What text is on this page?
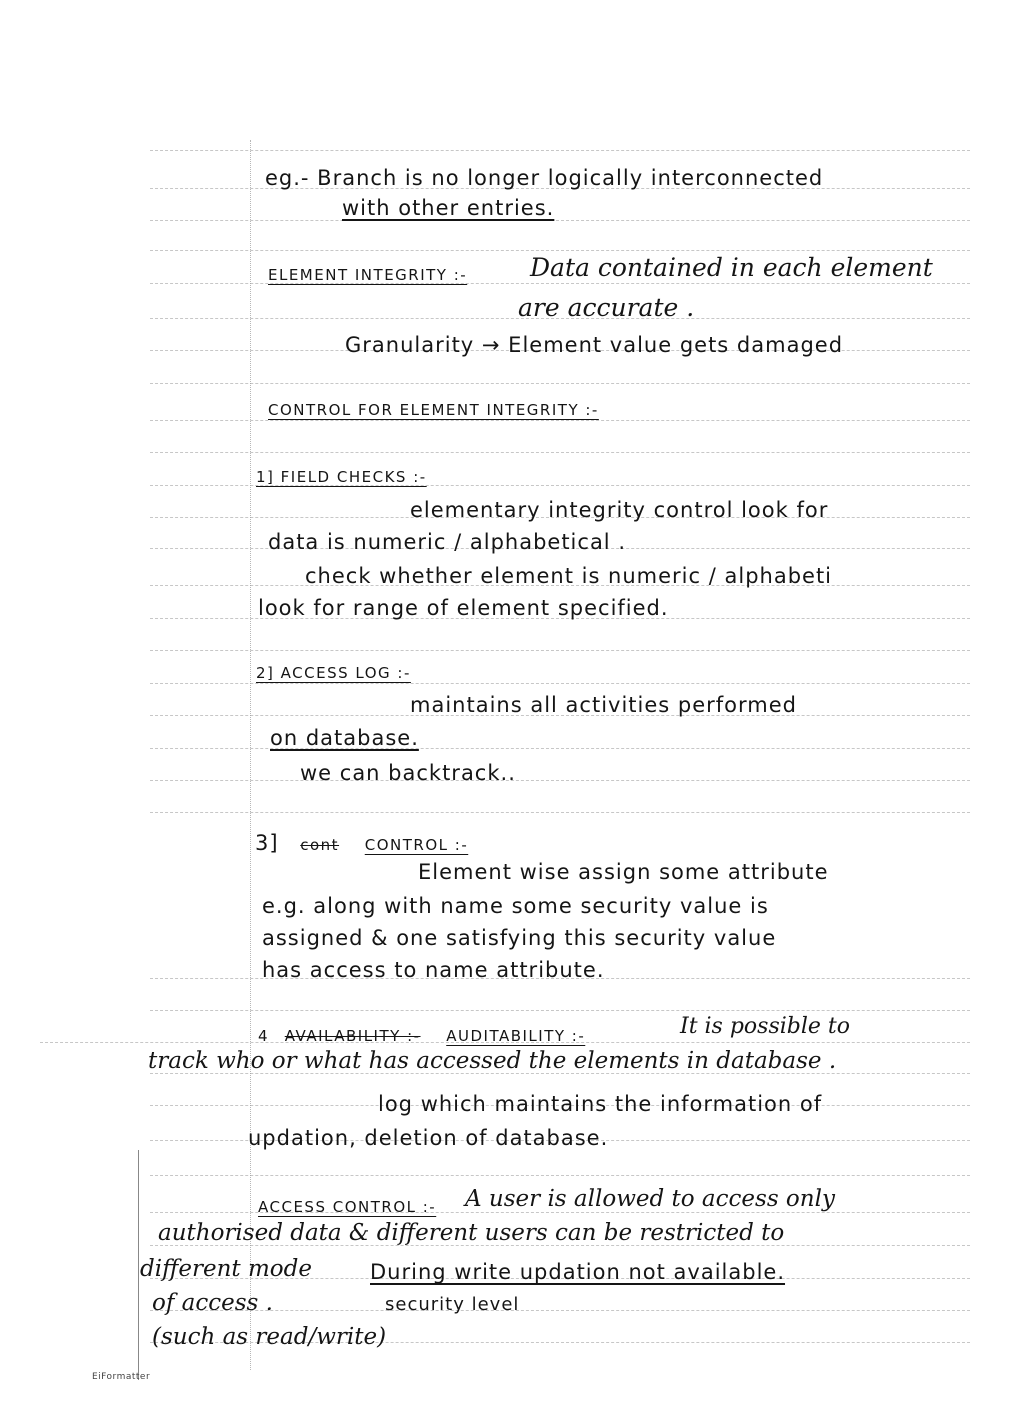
eg.- Branch is no longer logically interconnected
with other entries.
ELEMENT INTEGRITY :-	Data contained in each element
are accurate .
Granularity → Element value gets damaged
CONTROL FOR ELEMENT INTEGRITY :-
1] FIELD CHECKS :-
elementary integrity control look for
data is numeric / alphabetical .
check whether element is numeric / alphabeti
look for range of element specified.
2] ACCESS LOG :-
maintains all activities performed
on database.
we can backtrack..
3] cont CONTROL :-
Element wise assign some attribute
e.g. along with name some security value is
assigned & one satisfying this security value
has access to name attribute.
4 AVAILABILITY :- AUDITABILITY :-	It is possible to
track who or what has accessed the elements in database .
log which maintains the information of
updation, deletion of database.
ACCESS CONTROL :- A user is allowed to access only
authorised data & different users can be restricted to
different mode	During write updation not available.
of access .	security level
(such as read/write)
EiFormatter
